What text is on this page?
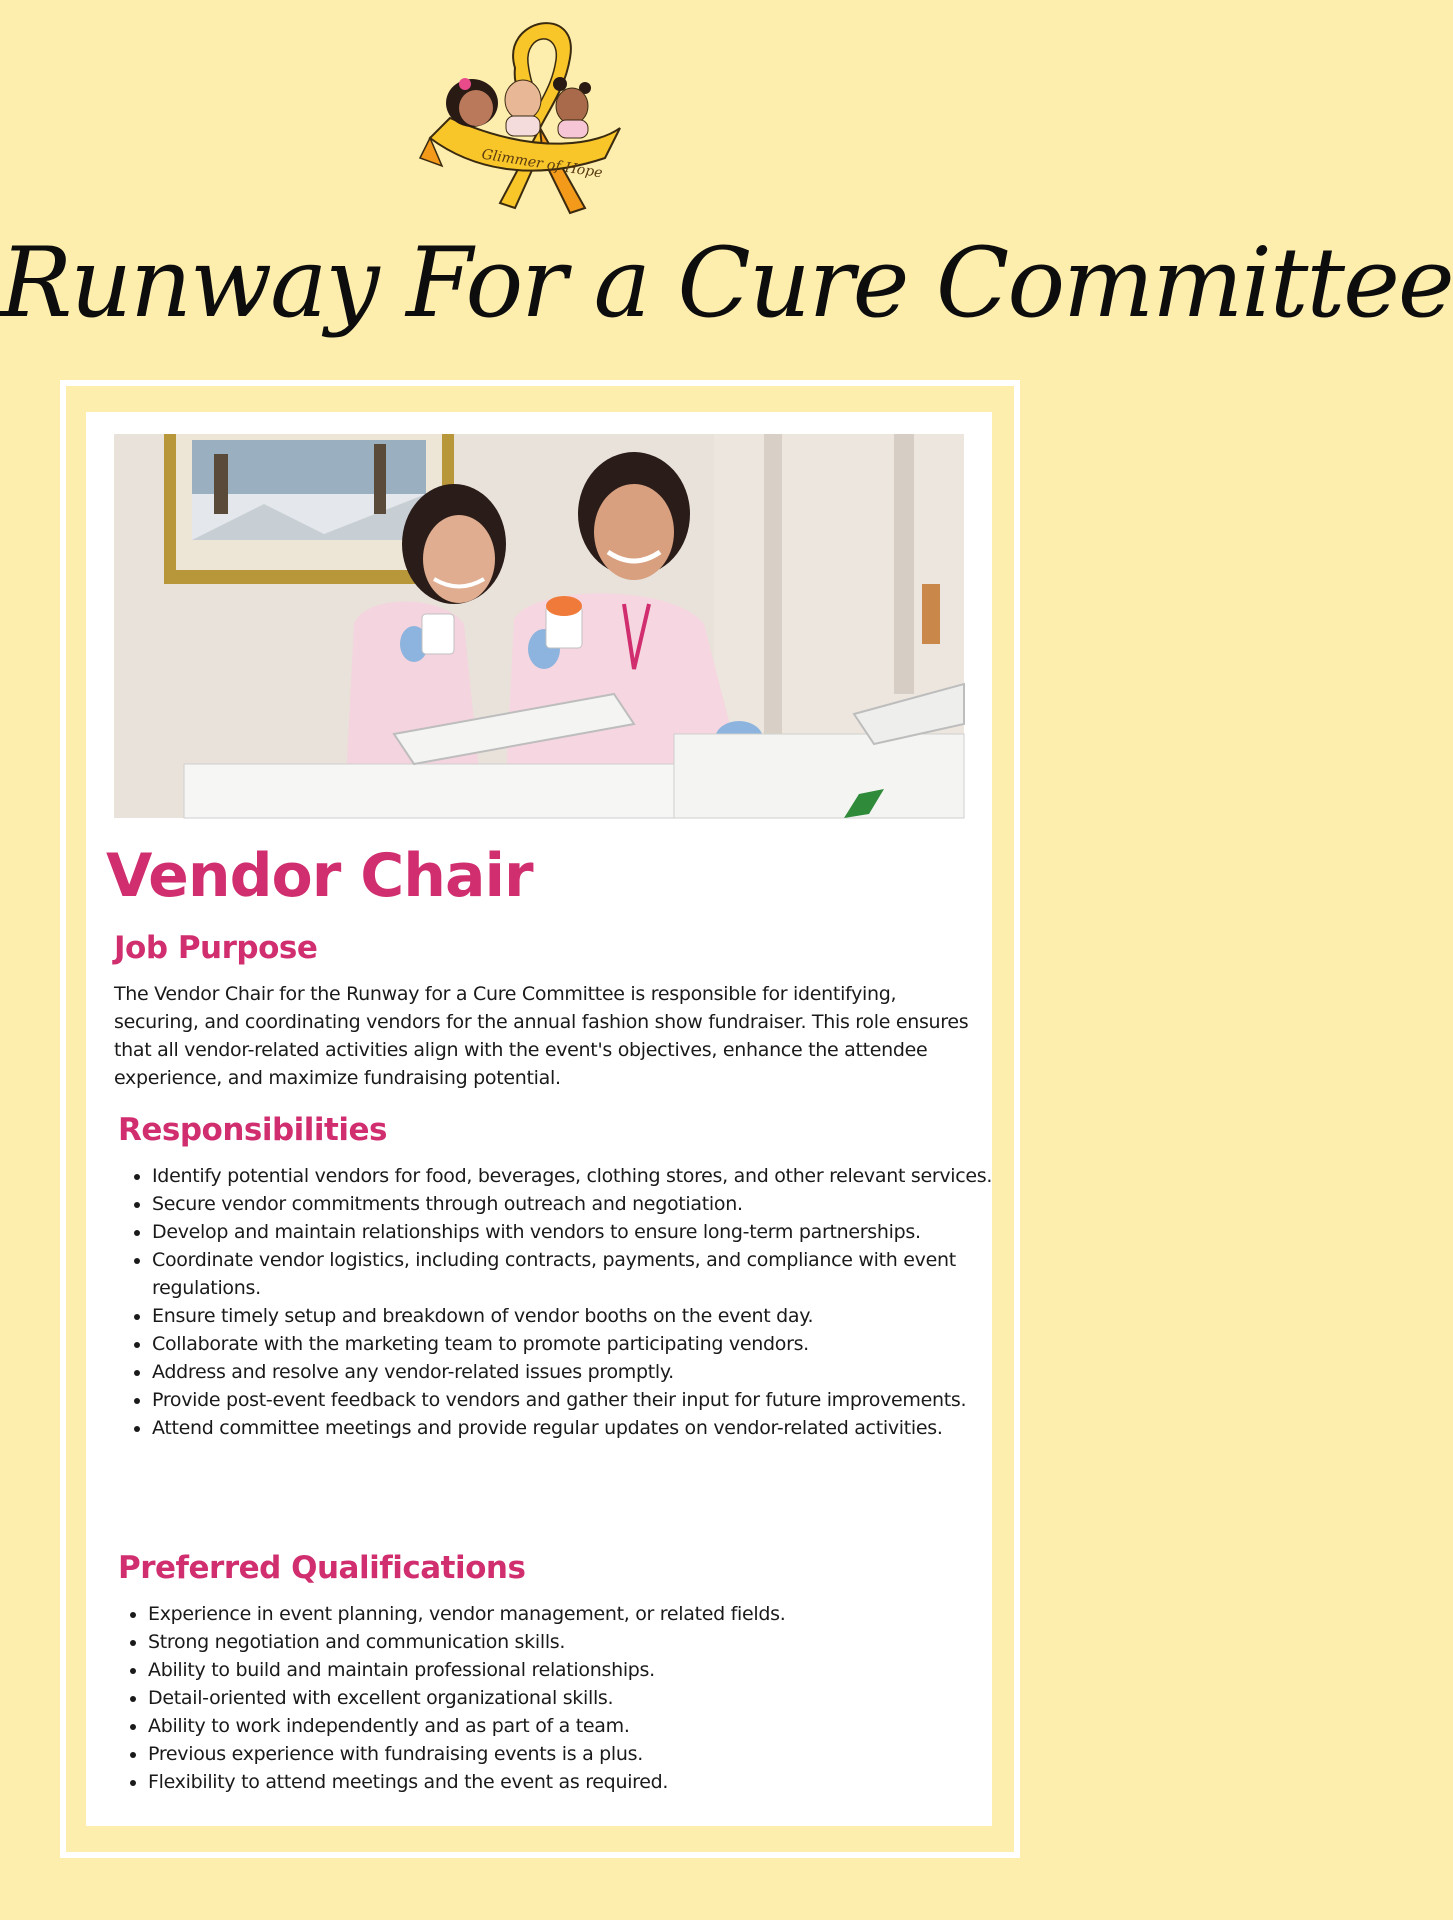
Glimmer of Hope
Runway For a Cure Committee
Vendor Chair
Job Purpose

The Vendor Chair for the Runway for a Cure Committee is responsible for identifying, securing, and coordinating vendors for the annual fashion show fundraiser. This role ensures that all vendor-related activities align with the event's objectives, enhance the attendee experience, and maximize fundraising potential.

Responsibilities
• Identify potential vendors for food, beverages, clothing stores, and other relevant services.
• Secure vendor commitments through outreach and negotiation.
• Develop and maintain relationships with vendors to ensure long-term partnerships.
• Coordinate vendor logistics, including contracts, payments, and compliance with event regulations.
• Ensure timely setup and breakdown of vendor booths on the event day.
• Collaborate with the marketing team to promote participating vendors.
• Address and resolve any vendor-related issues promptly.
• Provide post-event feedback to vendors and gather their input for future improvements.
• Attend committee meetings and provide regular updates on vendor-related activities.
Preferred Qualifications
• Experience in event planning, vendor management, or related fields.
• Strong negotiation and communication skills.
• Ability to build and maintain professional relationships.
• Detail-oriented with excellent organizational skills.
• Ability to work independently and as part of a team.
• Previous experience with fundraising events is a plus.
• Flexibility to attend meetings and the event as required.
